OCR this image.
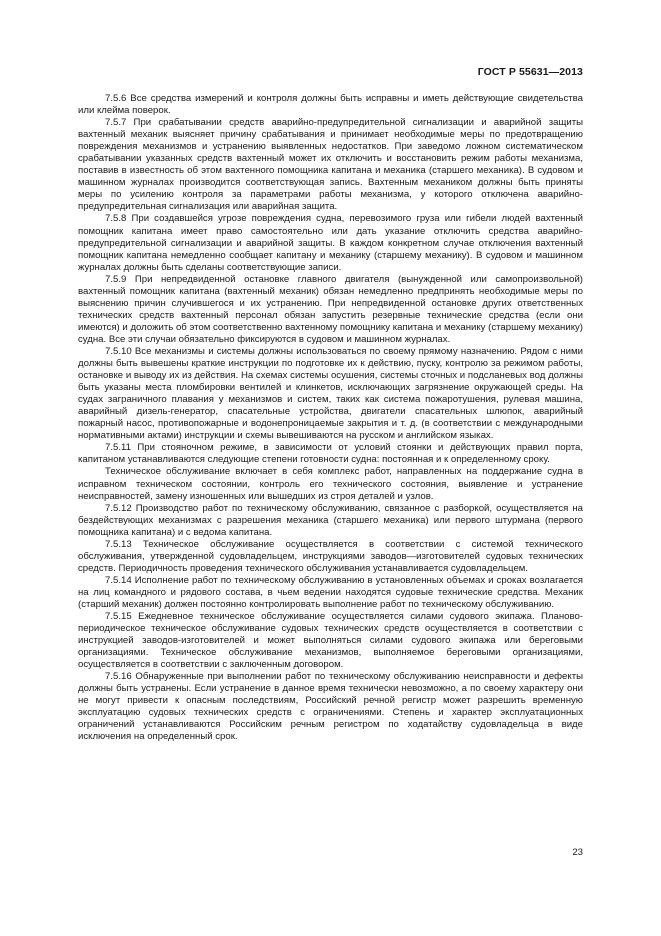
ГОСТ Р 55631—2013

7.5.6 Все средства измерений и контроля должны быть исправны и иметь действующие свидетельства или клейма поверок.

7.5.7 При срабатывании средств аварийно-предупредительной сигнализации и аварийной защиты вахтенный механик выясняет причину срабатывания и принимает необходимые меры по предотвращению повреждения механизмов и устранению выявленных недостатков. При заведомо ложном систематическом срабатывании указанных средств вахтенный может их отключить и восстановить режим работы механизма, поставив в известность об этом вахтенного помощника капитана и механика (старшего механика). В судовом и машинном журналах производится соответствующая запись. Вахтенным механиком должны быть приняты меры по усилению контроля за параметрами работы механизма, у которого отключена аварийно-предупредительная сигнализация или аварийная защита.

7.5.8 При создавшейся угрозе повреждения судна, перевозимого груза или гибели людей вахтенный помощник капитана имеет право самостоятельно или дать указание отключить средства аварийно-предупредительной сигнализации и аварийной защиты. В каждом конкретном случае отключения вахтенный помощник капитана немедленно сообщает капитану и механику (старшему механику). В судовом и машинном журналах должны быть сделаны соответствующие записи.

7.5.9 При непредвиденной остановке главного двигателя (вынужденной или самопроизвольной) вахтенный помощник капитана (вахтенный механик) обязан немедленно предпринять необходимые меры по выяснению причин случившегося и их устранению. При непредвиденной остановке других ответственных технических средств вахтенный персонал обязан запустить резервные технические средства (если они имеются) и доложить об этом соответственно вахтенному помощнику капитана и механику (старшему механику) судна. Все эти случаи обязательно фиксируются в судовом и машинном журналах.

7.5.10 Все механизмы и системы должны использоваться по своему прямому назначению. Рядом с ними должны быть вывешены краткие инструкции по подготовке их к действию, пуску, контролю за режимом работы, остановке и выводу их из действия. На схемах системы осушения, системы сточных и подсланевых вод должны быть указаны места пломбировки вентилей и клинкетов, исключающих загрязнение окружающей среды. На судах заграничного плавания у механизмов и систем, таких как система пожаротушения, рулевая машина, аварийный дизель-генератор, спасательные устройства, двигатели спасательных шлюпок, аварийный пожарный насос, противопожарные и водонепроницаемые закрытия и т. д. (в соответствии с международными нормативными актами) инструкции и схемы вывешиваются на русском и английском языках.

7.5.11 При стояночном режиме, в зависимости от условий стоянки и действующих правил порта, капитаном устанавливаются следующие степени готовности судна: постоянная и к определенному сроку.

Техническое обслуживание включает в себя комплекс работ, направленных на поддержание судна в исправном техническом состоянии, контроль его технического состояния, выявление и устранение неисправностей, замену изношенных или вышедших из строя деталей и узлов.

7.5.12 Производство работ по техническому обслуживанию, связанное с разборкой, осуществляется на бездействующих механизмах с разрешения механика (старшего механика) или первого штурмана (первого помощника капитана) и с ведома капитана.

7.5.13 Техническое обслуживание осуществляется в соответствии с системой технического обслуживания, утвержденной судовладельцем, инструкциями заводов—изготовителей судовых технических средств. Периодичность проведения технического обслуживания устанавливается судовладельцем.

7.5.14 Исполнение работ по техническому обслуживанию в установленных объемах и сроках возлагается на лиц командного и рядового состава, в чьем ведении находятся судовые технические средства. Механик (старший механик) должен постоянно контролировать выполнение работ по техническому обслуживанию.

7.5.15 Ежедневное техническое обслуживание осуществляется силами судового экипажа. Планово-периодическое техническое обслуживание судовых технических средств осуществляется в соответствии с инструкцией заводов-изготовителей и может выполняться силами судового экипажа или береговыми организациями. Техническое обслуживание механизмов, выполняемое береговыми организациями, осуществляется в соответствии с заключенным договором.

7.5.16 Обнаруженные при выполнении работ по техническому обслуживанию неисправности и дефекты должны быть устранены. Если устранение в данное время технически невозможно, а по своему характеру они не могут привести к опасным последствиям, Российский речной регистр может разрешить временную эксплуатацию судовых технических средств с ограничениями. Степень и характер эксплуатационных ограничений устанавливаются Российским речным регистром по ходатайству судовладельца в виде исключения на определенный срок.

23
